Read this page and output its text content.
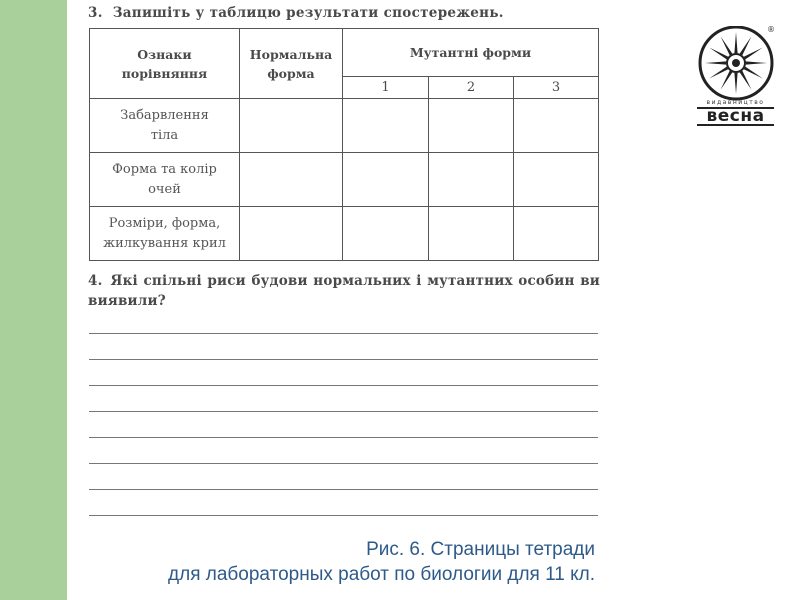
3. Запишіть у таблицю результати спостережень.
Ознаки порівняння	Нормальна форма	Мутантні форми		
		1	2	3
Забарвлення тіла				
Форма та колір очей				
Розміри, форма, жилкування крил				
4. Які спільні риси будови нормальних і мутантних особин ви виявили?
®
видавництво
весна
Рис. 6. Страницы тетради
для лабораторных работ по биологии для 11 кл.
